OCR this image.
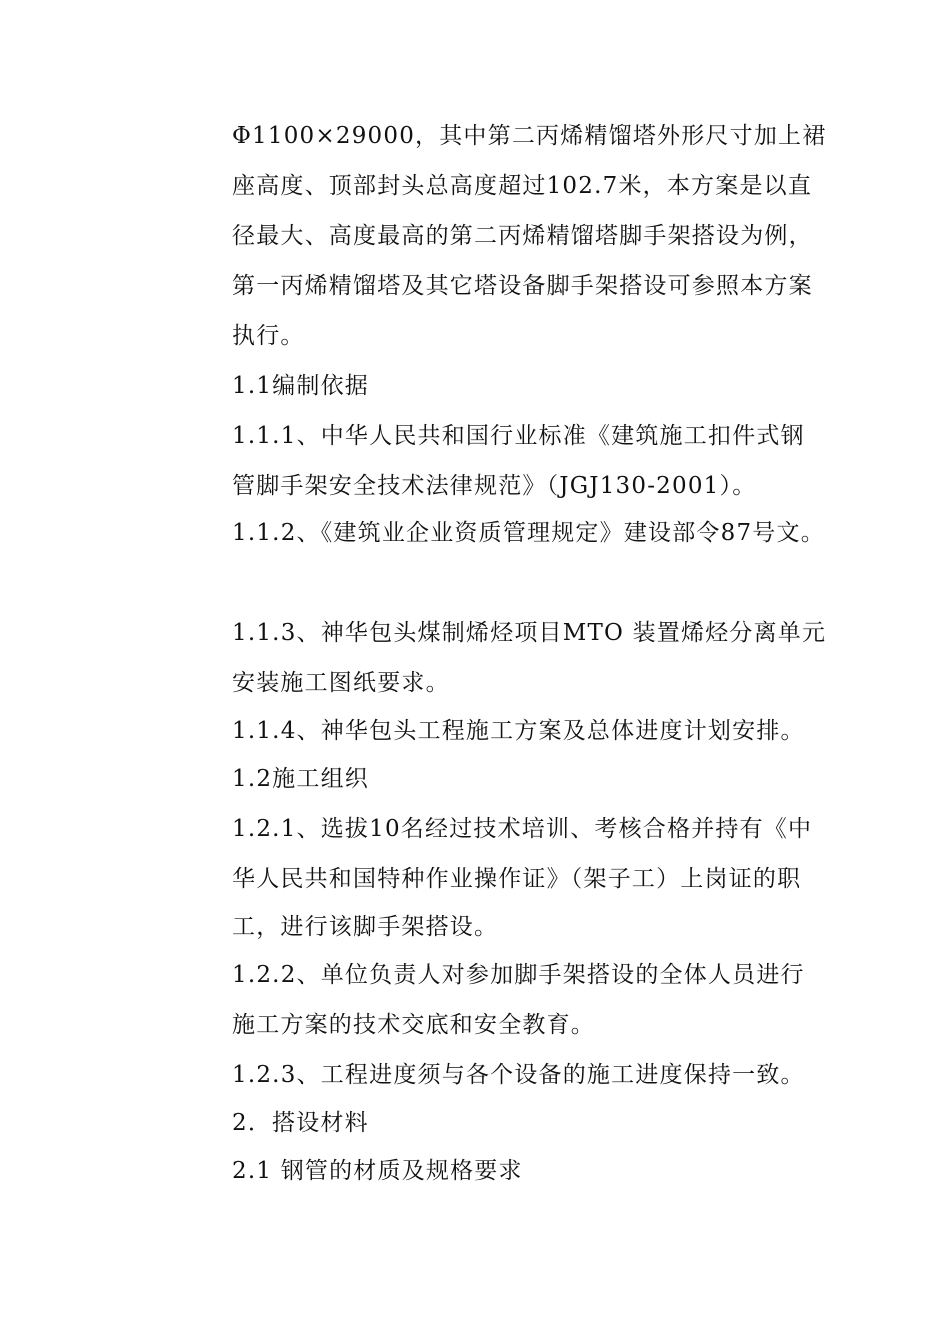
Φ1100×29000，其中第二丙烯精馏塔外形尺寸加上裙
座高度、顶部封头总高度超过102.7米，本方案是以直
径最大、高度最高的第二丙烯精馏塔脚手架搭设为例，
第一丙烯精馏塔及其它塔设备脚手架搭设可参照本方案
执行。
1.1编制依据
1.1.1、中华人民共和国行业标准《建筑施工扣件式钢
管脚手架安全技术法律规范》（JGJ130-2001）。
1.1.2、《建筑业企业资质管理规定》建设部令87号文。
1.1.3、神华包头煤制烯烃项目MTO 装置烯烃分离单元
安装施工图纸要求。
1.1.4、神华包头工程施工方案及总体进度计划安排。
1.2施工组织
1.2.1、选拔10名经过技术培训、考核合格并持有《中
华人民共和国特种作业操作证》（架子工）上岗证的职
工，进行该脚手架搭设。
1.2.2、单位负责人对参加脚手架搭设的全体人员进行
施工方案的技术交底和安全教育。
1.2.3、工程进度须与各个设备的施工进度保持一致。
2．搭设材料
2.1 钢管的材质及规格要求
